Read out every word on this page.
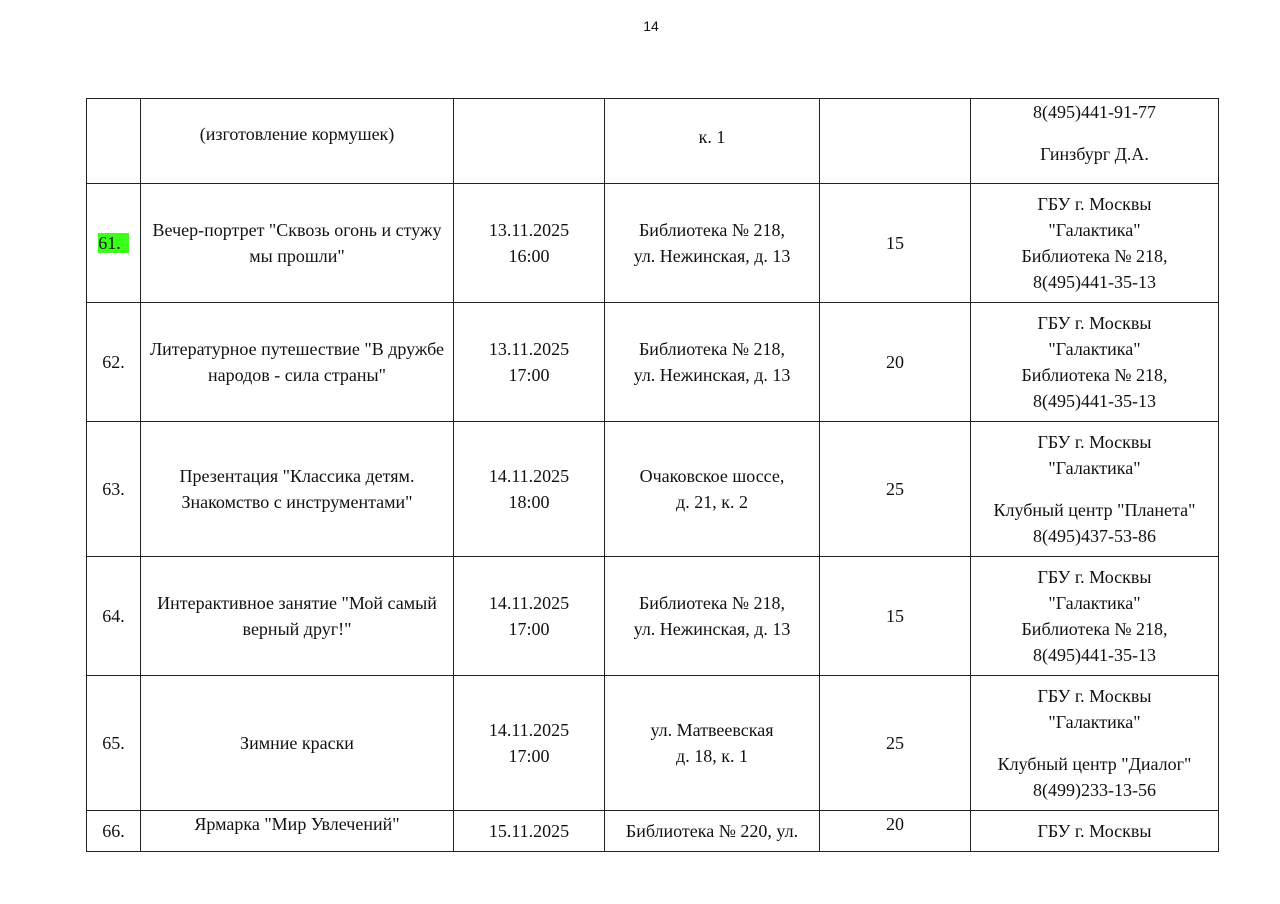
14

	(изготовление кормушек)		к. 1		8(495)441-91-77
Гинзбург Д.А.

61.	Вечер-портрет "Сквозь огонь и стужу мы прошли"	13.11.2025
16:00	Библиотека № 218,
ул. Нежинская, д. 13	15	ГБУ г. Москвы
"Галактика"
Библиотека № 218,
8(495)441-35-13

62.	Литературное путешествие "В дружбе народов - сила страны"	13.11.2025
17:00	Библиотека № 218,
ул. Нежинская, д. 13	20	ГБУ г. Москвы
"Галактика"
Библиотека № 218,
8(495)441-35-13

63.	Презентация "Классика детям. Знакомство с инструментами"	14.11.2025
18:00	Очаковское шоссе,
д. 21, к. 2	25	ГБУ г. Москвы
"Галактика"
Клубный центр "Планета"
8(495)437-53-86

64.	Интерактивное занятие "Мой самый верный друг!"	14.11.2025
17:00	Библиотека № 218,
ул. Нежинская, д. 13	15	ГБУ г. Москвы
"Галактика"
Библиотека № 218,
8(495)441-35-13

65.	Зимние краски	14.11.2025
17:00	ул. Матвеевская
д. 18, к. 1	25	ГБУ г. Москвы
"Галактика"
Клубный центр "Диалог"
8(499)233-13-56

66.	Ярмарка "Мир Увлечений"	15.11.2025	Библиотека № 220, ул.	20	ГБУ г. Москвы
